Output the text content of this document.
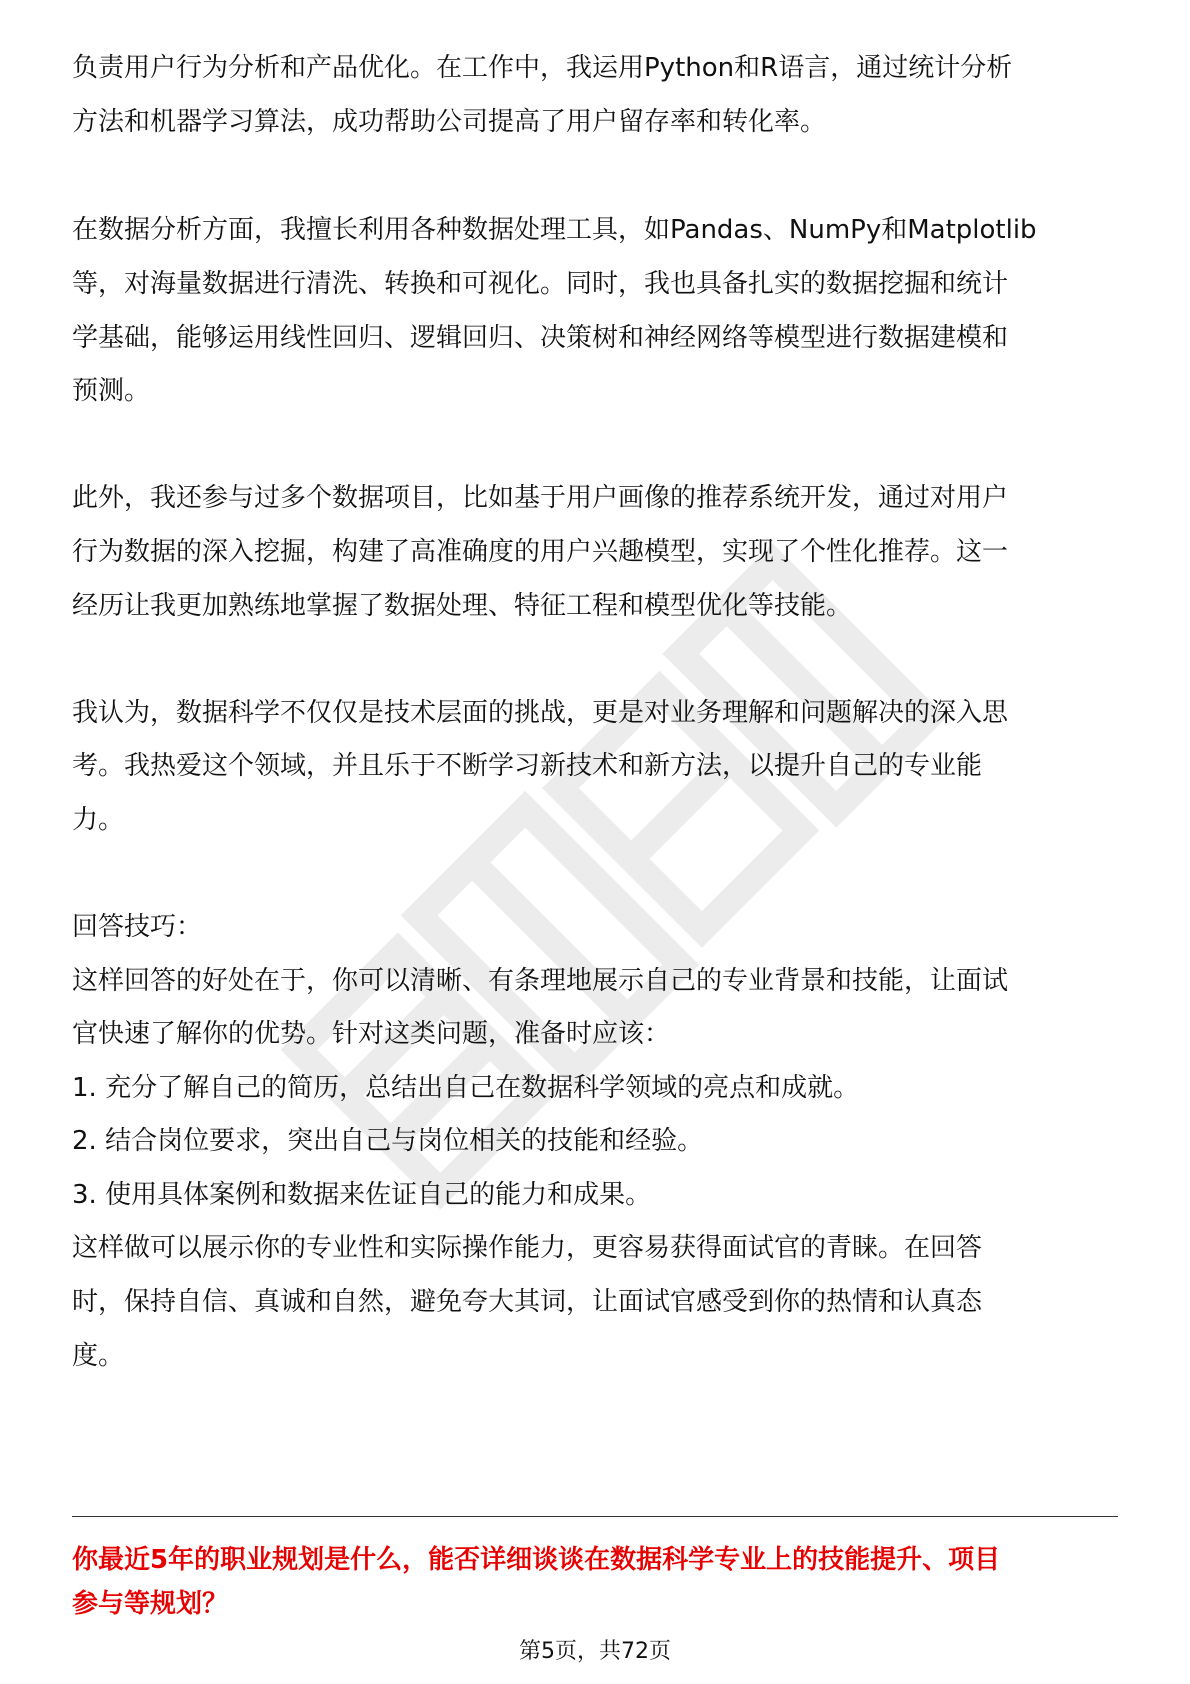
负责用户行为分析和产品优化。在工作中，我运用Python和R语言，通过统计分析
方法和机器学习算法，成功帮助公司提高了用户留存率和转化率。
在数据分析方面，我擅长利用各种数据处理工具，如Pandas、NumPy和Matplotlib
等，对海量数据进行清洗、转换和可视化。同时，我也具备扎实的数据挖掘和统计
学基础，能够运用线性回归、逻辑回归、决策树和神经网络等模型进行数据建模和
预测。
此外，我还参与过多个数据项目，比如基于用户画像的推荐系统开发，通过对用户
行为数据的深入挖掘，构建了高准确度的用户兴趣模型，实现了个性化推荐。这一
经历让我更加熟练地掌握了数据处理、特征工程和模型优化等技能。
我认为，数据科学不仅仅是技术层面的挑战，更是对业务理解和问题解决的深入思
考。我热爱这个领域，并且乐于不断学习新技术和新方法，以提升自己的专业能
力。
回答技巧：
这样回答的好处在于，你可以清晰、有条理地展示自己的专业背景和技能，让面试
官快速了解你的优势。针对这类问题，准备时应该：
1. 充分了解自己的简历，总结出自己在数据科学领域的亮点和成就。
2. 结合岗位要求，突出自己与岗位相关的技能和经验。
3. 使用具体案例和数据来佐证自己的能力和成果。
这样做可以展示你的专业性和实际操作能力，更容易获得面试官的青睐。在回答
时，保持自信、真诚和自然，避免夸大其词，让面试官感受到你的热情和认真态
度。
你最近5年的职业规划是什么，能否详细谈谈在数据科学专业上的技能提升、项目
参与等规划？
第5页，共72页
